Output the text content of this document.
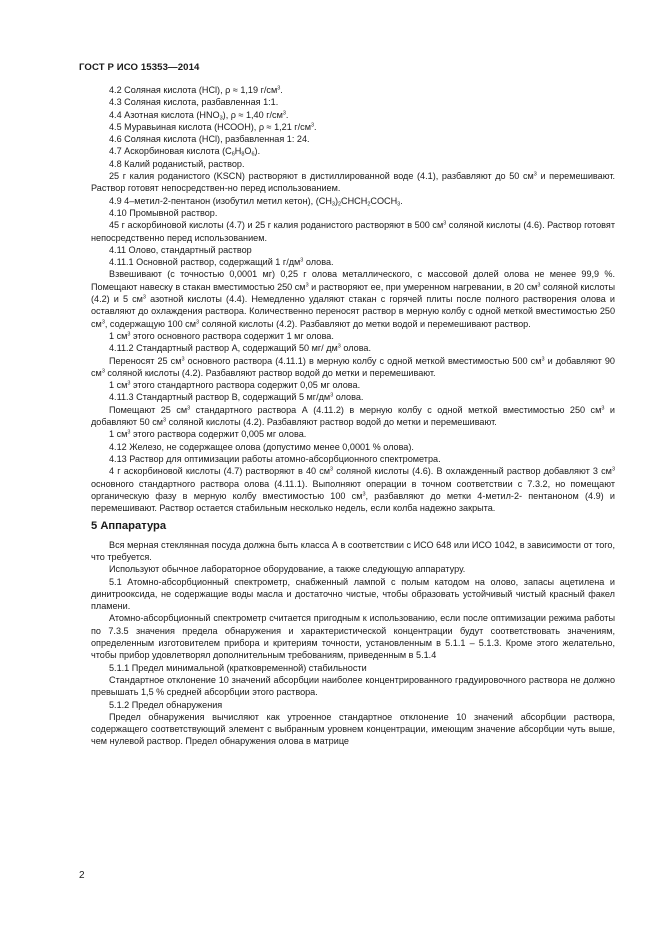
ГОСТ Р ИСО 15353—2014

4.2 Соляная кислота (HCl), ρ ≈ 1,19 $г/см^3$.

4.3 Соляная кислота, разбавленная 1:1.

4.4 Азотная кислота $(HNO_3)$, ρ ≈ 1,40 $г/см^3$.

4.5 Муравьиная кислота (НСООН), ρ ≈ 1,21 $г/см^3$.

4.6 Соляная кислота (HCl), разбавленная 1: 24.

4.7 Аскорбиновая кислота $(С_6Н_8О_6)$.

4.8 Калий роданистый, раствор.

25 г калия роданистого (KSCN) растворяют в дистиллированной воде (4.1), разбавляют до 50 $см^3$ и перемешивают. Раствор готовят непосредствен-но перед использованием.

4.9 4–метил-2-пентанон (изобутил метил кетон), $(CH_3)_2CHCH_2COCH_3$.

4.10 Промывной раствор.

45 г аскорбиновой кислоты (4.7) и 25 г калия роданистого растворяют в 500 $см^3$ соляной кислоты (4.6). Раствор готовят непосредственно перед использованием.

4.11 Олово, стандартный раствор

4.11.1 Основной раствор, содержащий 1 $г/дм^3$ олова.

Взвешивают (с точностью 0,0001 мг) 0,25 г олова металлического, с массовой долей олова не менее 99,9 %. Помещают навеску в стакан вместимостью 250 $см^3$ и растворяют ее, при умеренном нагревании, в 20 $см^3$ соляной кислоты (4.2) и 5 $см^3$ азотной кислоты (4.4). Немедленно удаляют стакан с горячей плиты после полного растворения олова и оставляют до охлаждения раствора. Количественно переносят раствор в мерную колбу с одной меткой вместимостью 250 $см^3$, содержащую 100 $см^3$ соляной кислоты (4.2). Разбавляют до метки водой и перемешивают раствор.

1 $см^3$ этого основного раствора содержит 1 мг олова.

4.11.2 Стандартный раствор А, содержащий 50 мг/ $дм^3$ олова.

Переносят 25 $см^3$ основного раствора (4.11.1) в мерную колбу с одной меткой вместимостью 500 $см^3$ и добавляют 90 $см^3$ соляной кислоты (4.2). Разбавляют раствор водой до метки и перемешивают.

1 $см^3$ этого стандартного раствора содержит 0,05 мг олова.

4.11.3 Стандартный раствор В, содержащий 5 $мг/дм^3$ олова.

Помещают 25 $см^3$ стандартного раствора А (4.11.2) в мерную колбу с одной меткой вместимостью 250 $см^3$ и добавляют 50 $см^3$ соляной кислоты (4.2). Разбавляют раствор водой до метки и перемешивают.

1 $см^3$ этого раствора содержит 0,005 мг олова.

4.12 Железо, не содержащее олова (допустимо менее 0,0001 % олова).

4.13 Раствор для оптимизации работы атомно-абсорбционного спектрометра.

4 г аскорбиновой кислоты (4.7) растворяют в 40 $см^3$ соляной кислоты (4.6). В охлажденный раствор добавляют 3 $см^3$ основного стандартного раствора олова (4.11.1). Выполняют операции в точном соответствии с 7.3.2, но помещают органическую фазу в мерную колбу вместимостью 100 $см^3$, разбавляют до метки 4-метил-2- пентаноном (4.9) и перемешивают. Раствор остается стабильным несколько недель, если колба надежно закрыта.

5 Аппаратура

Вся мерная стеклянная посуда должна быть класса А в соответствии с ИСО 648 или ИСО 1042, в зависимости от того, что требуется.

Используют обычное лабораторное оборудование, а также следующую аппаратуру.

5.1 Атомно-абсорбционный спектрометр, снабженный лампой с полым катодом на олово, запасы ацетилена и динитрооксида, не содержащие воды масла и достаточно чистые, чтобы образовать устойчивый чистый красный факел пламени.

Атомно-абсорбционный спектрометр считается пригодным к использованию, если после оптимизации режима работы по 7.3.5 значения предела обнаружения и характеристической концентрации будут соответствовать значениям, определенным изготовителем прибора и критериям точности, установленным в 5.1.1 – 5.1.3. Кроме этого желательно, чтобы прибор удовлетворял дополнительным требованиям, приведенным в 5.1.4

5.1.1 Предел минимальной (кратковременной) стабильности

Стандартное отклонение 10 значений абсорбции наиболее концентрированного градуировочного раствора не должно превышать 1,5 % средней абсорбции этого раствора.

5.1.2 Предел обнаружения

Предел обнаружения вычисляют как утроенное стандартное отклонение 10 значений абсорбции раствора, содержащего соответствующий элемент с выбранным уровнем концентрации, имеющим значение абсорбции чуть выше, чем нулевой раствор. Предел обнаружения олова в матрице

2
